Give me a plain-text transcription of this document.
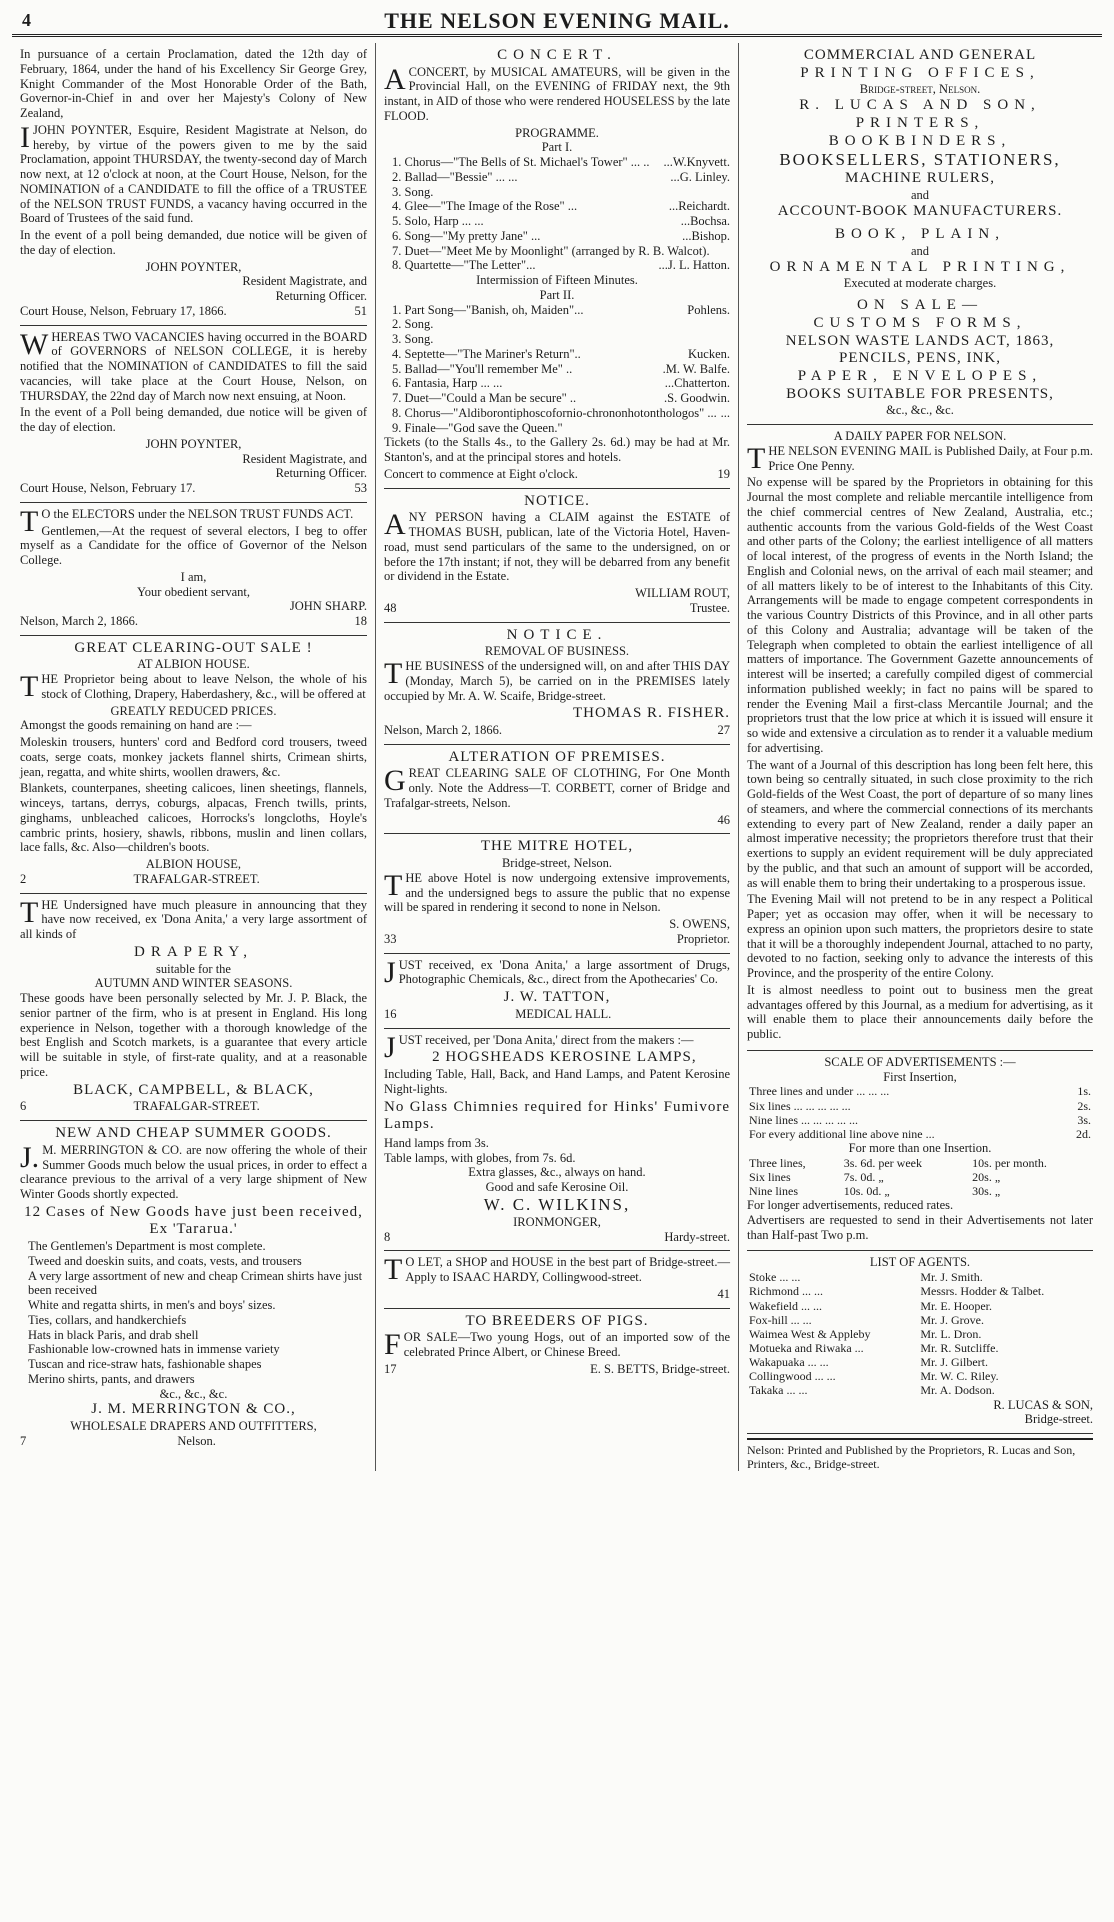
4	THE NELSON EVENING MAIL.

In pursuance of a certain Proclamation, dated the 12th day of February, 1864, under the hand of his Excellency Sir George Grey, Knight Commander of the Most Honorable Order of the Bath, Governor-in-Chief in and over her Majesty's Colony of New Zealand,

IJOHN POYNTER, Esquire, Resident Magistrate at Nelson, do hereby, by virtue of the powers given to me by the said Proclamation, appoint THURSDAY, the twenty-second day of March now next, at 12 o'clock at noon, at the Court House, Nelson, for the NOMINATION of a CANDIDATE to fill the office of a TRUSTEE of the NELSON TRUST FUNDS, a vacancy having occurred in the Board of Trustees of the said fund.

In the event of a poll being demanded, due notice will be given of the day of election.

JOHN POYNTER,
Resident Magistrate, and
Returning Officer.
Court House, Nelson, February 17, 1866.	51

WHEREAS TWO VACANCIES having occurred in the BOARD of GOVERNORS of NELSON COLLEGE, it is hereby notified that the NOMINATION of CANDIDATES to fill the said vacancies, will take place at the Court House, Nelson, on THURSDAY, the 22nd day of March now next ensuing, at Noon.

In the event of a Poll being demanded, due notice will be given of the day of election.

JOHN POYNTER,
Resident Magistrate, and
Returning Officer.
Court House, Nelson, February 17.	53

TO the ELECTORS under the NELSON TRUST FUNDS ACT.

Gentlemen,—At the request of several electors, I beg to offer myself as a Candidate for the office of Governor of the Nelson College.

I am,
Your obedient servant,
JOHN SHARP.
Nelson, March 2, 1866.	18
GREAT CLEARING-OUT SALE !
AT ALBION HOUSE.

THE Proprietor being about to leave Nelson, the whole of his stock of Clothing, Drapery, Haberdashery, &c., will be offered at

GREATLY REDUCED PRICES.

Amongst the goods remaining on hand are :—

Moleskin trousers, hunters' cord and Bedford cord trousers, tweed coats, serge coats, monkey jackets flannel shirts, Crimean shirts, jean, regatta, and white shirts, woollen drawers, &c.

Blankets, counterpanes, sheeting calicoes, linen sheetings, flannels, winceys, tartans, derrys, coburgs, alpacas, French twills, prints, ginghams, unbleached calicoes, Horrocks's longcloths, Hoyle's cambric prints, hosiery, shawls, ribbons, muslin and linen collars, lace falls, &c. Also—children's boots.

ALBION HOUSE,
2	TRAFALGAR-STREET.

THE Undersigned have much pleasure in announcing that they have now received, ex 'Dona Anita,' a very large assortment of all kinds of

DRAPERY,
suitable for the
AUTUMN AND WINTER SEASONS.

These goods have been personally selected by Mr. J. P. Black, the senior partner of the firm, who is at present in England. His long experience in Nelson, together with a thorough knowledge of the best English and Scotch markets, is a guarantee that every article will be suitable in style, of first-rate quality, and at a reasonable price.

BLACK, CAMPBELL, & BLACK,
6	TRAFALGAR-STREET.
NEW AND CHEAP SUMMER GOODS.

J.M. MERRINGTON & CO. are now offering the whole of their Summer Goods much below the usual prices, in order to effect a clearance previous to the arrival of a very large shipment of New Winter Goods shortly expected.

12 Cases of New Goods have just been received, Ex 'Tararua.'
The Gentlemen's Department is most complete.
Tweed and doeskin suits, and coats, vests, and trousers
A very large assortment of new and cheap Crimean shirts have just been received
White and regatta shirts, in men's and boys' sizes.
Ties, collars, and handkerchiefs
Hats in black Paris, and drab shell
Fashionable low-crowned hats in immense variety
Tuscan and rice-straw hats, fashionable shapes
Merino shirts, pants, and drawers
&c., &c., &c.
J. M. MERRINGTON & CO.,
WHOLESALE DRAPERS AND OUTFITTERS,
7	Nelson.
CONCERT.

ACONCERT, by MUSICAL AMATEURS, will be given in the Provincial Hall, on the EVENING of FRIDAY next, the 9th instant, in AID of those who were rendered HOUSELESS by the late FLOOD.

PROGRAMME.
Part I.
1. Chorus—"The Bells of St. Michael's Tower" ... .. ...W.Knyvett.
2. Ballad—"Bessie" ... ...	...G. Linley.
3. Song.
4. Glee—"The Image of the Rose" ...	...Reichardt.
5. Solo, Harp ... ...	...Bochsa.
6. Song—"My pretty Jane" ...	...Bishop.
7. Duet—"Meet Me by Moonlight" (arranged by R. B. Walcot).
8. Quartette—"The Letter"...	...J. L. Hatton.
Intermission of Fifteen Minutes.
Part II.
1. Part Song—"Banish, oh, Maiden"...	Pohlens.
2. Song.
3. Song.
4. Septette—"The Mariner's Return"..	Kucken.
5. Ballad—"You'll remember Me" ..	.M. W. Balfe.
6. Fantasia, Harp ... ...	...Chatterton.
7. Duet—"Could a Man be secure" ..	.S. Goodwin.
8. Chorus—"Aldiborontiphoscofornio-chrononhotonthologos" ... ...
9. Finale—"God save the Queen."

Tickets (to the Stalls 4s., to the Gallery 2s. 6d.) may be had at Mr. Stanton's, and at the principal stores and hotels.

Concert to commence at Eight o'clock.	19
NOTICE.

ANY PERSON having a CLAIM against the ESTATE of THOMAS BUSH, publican, late of the Victoria Hotel, Haven-road, must send particulars of the same to the undersigned, on or before the 17th instant; if not, they will be debarred from any benefit or dividend in the Estate.

WILLIAM ROUT,
48	Trustee.
NOTICE.
REMOVAL OF BUSINESS.

THE BUSINESS of the undersigned will, on and after THIS DAY (Monday, March 5), be carried on in the PREMISES lately occupied by Mr. A. W. Scaife, Bridge-street.

THOMAS R. FISHER.
Nelson, March 2, 1866.	27
ALTERATION OF PREMISES.

GREAT CLEARING SALE OF CLOTHING, For One Month only. Note the Address—T. CORBETT, corner of Bridge and Trafalgar-streets, Nelson.

46
THE MITRE HOTEL,
Bridge-street, Nelson.

THE above Hotel is now undergoing extensive improvements, and the undersigned begs to assure the public that no expense will be spared in rendering it second to none in Nelson.

S. OWENS,
33	Proprietor.

JUST received, ex 'Dona Anita,' a large assortment of Drugs, Photographic Chemicals, &c., direct from the Apothecaries' Co.

J. W. TATTON,
16	MEDICAL HALL.

JUST received, per 'Dona Anita,' direct from the makers :—

2 HOGSHEADS KEROSINE LAMPS,

Including Table, Hall, Back, and Hand Lamps, and Patent Kerosine Night-lights.

No Glass Chimnies required for Hinks' Fumivore Lamps.

Hand lamps from 3s.
Table lamps, with globes, from 7s. 6d.
Extra glasses, &c., always on hand.
Good and safe Kerosine Oil.
W. C. WILKINS,
IRONMONGER,
8	Hardy-street.

TO LET, a SHOP and HOUSE in the best part of Bridge-street.—Apply to ISAAC HARDY, Collingwood-street.

41
TO BREEDERS OF PIGS.

FOR SALE—Two young Hogs, out of an imported sow of the celebrated Prince Albert, or Chinese Breed.

17	E. S. BETTS, Bridge-street.
COMMERCIAL AND GENERAL
PRINTING OFFICES,
Bridge-street, Nelson.
R. LUCAS AND SON,
PRINTERS,
BOOKBINDERS,
BOOKSELLERS, STATIONERS,
MACHINE RULERS,
and
ACCOUNT-BOOK MANUFACTURERS.
BOOK, PLAIN,
and
ORNAMENTAL PRINTING,
Executed at moderate charges.
ON SALE—
CUSTOMS FORMS,
NELSON WASTE LANDS ACT, 1863,
PENCILS, PENS, INK,
PAPER, ENVELOPES,
BOOKS SUITABLE FOR PRESENTS,
&c., &c., &c.
A DAILY PAPER FOR NELSON.

THE NELSON EVENING MAIL is Published Daily, at Four p.m. Price One Penny.

No expense will be spared by the Proprietors in obtaining for this Journal the most complete and reliable mercantile intelligence from the chief commercial centres of New Zealand, Australia, etc.; authentic accounts from the various Gold-fields of the West Coast and other parts of the Colony; the earliest intelligence of all matters of local interest, of the progress of events in the North Island; the English and Colonial news, on the arrival of each mail steamer; and of all matters likely to be of interest to the Inhabitants of this City. Arrangements will be made to engage competent correspondents in the various Country Districts of this Province, and in all other parts of this Colony and Australia; advantage will be taken of the Telegraph when completed to obtain the earliest intelligence of all matters of importance. The Government Gazette announcements of interest will be inserted; a carefully compiled digest of commercial information published weekly; in fact no pains will be spared to render the Evening Mail a first-class Mercantile Journal; and the proprietors trust that the low price at which it is issued will ensure it so wide and extensive a circulation as to render it a valuable medium for advertising.

The want of a Journal of this description has long been felt here, this town being so centrally situated, in such close proximity to the rich Gold-fields of the West Coast, the port of departure of so many lines of steamers, and where the commercial connections of its merchants extending to every part of New Zealand, render a daily paper an almost imperative necessity; the proprietors therefore trust that their exertions to supply an evident requirement will be duly appreciated by the public, and that such an amount of support will be accorded, as will enable them to bring their undertaking to a prosperous issue.

The Evening Mail will not pretend to be in any respect a Political Paper; yet as occasion may offer, when it will be necessary to express an opinion upon such matters, the proprietors desire to state that it will be a thoroughly independent Journal, attached to no party, devoted to no faction, seeking only to advance the interests of this Province, and the prosperity of the entire Colony.

It is almost needless to point out to business men the great advantages offered by this Journal, as a medium for advertising, as it will enable them to place their announcements daily before the public.

SCALE OF ADVERTISEMENTS :—
First Insertion,
Three lines and under ... ... ...	1s.
Six lines ... ... ... ... ...	2s.
Nine lines ... ... ... ... ...	3s.
For every additional line above nine ...	2d.
For more than one Insertion.
Three lines,	3s. 6d. per week	10s. per month.
Six lines	7s. 0d. „	20s. „
Nine lines	10s. 0d. „	30s. „
For longer advertisements, reduced rates.

Advertisers are requested to send in their Advertisements not later than Half-past Two p.m.

LIST OF AGENTS.
Stoke ... ...	Mr. J. Smith.
Richmond ... ...	Messrs. Hodder & Talbet.
Wakefield ... ...	Mr. E. Hooper.
Fox-hill ... ...	Mr. J. Grove.
Waimea West & Appleby	Mr. L. Dron.
Motueka and Riwaka ...	Mr. R. Sutcliffe.
Wakapuaka ... ...	Mr. J. Gilbert.
Collingwood ... ...	Mr. W. C. Riley.
Takaka ... ...	Mr. A. Dodson.
R. LUCAS & SON,
Bridge-street.
Nelson: Printed and Published by the Proprietors, R. Lucas and Son, Printers, &c., Bridge-street.
